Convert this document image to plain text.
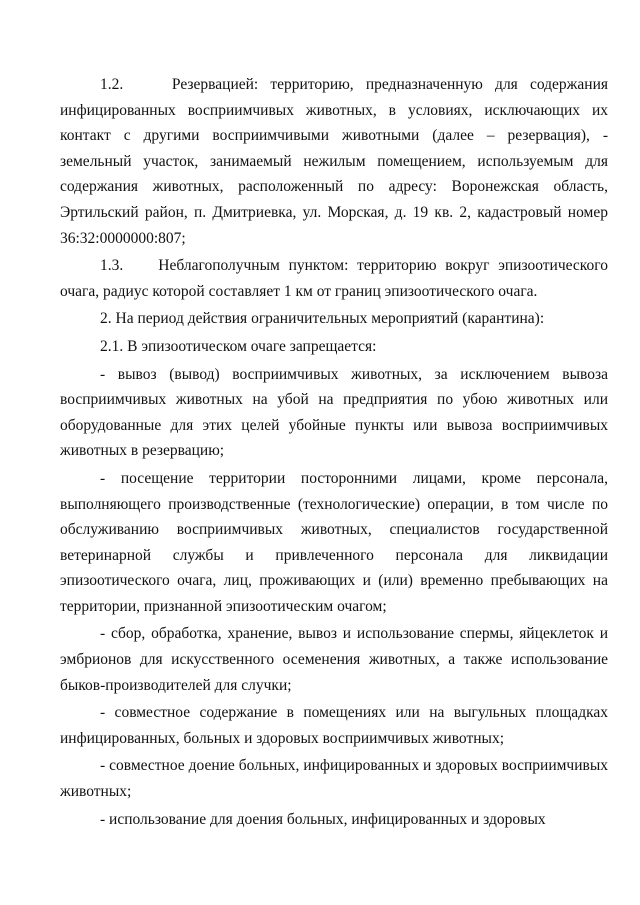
1.2.    Резервацией: территорию, предназначенную для содержания инфицированных восприимчивых животных, в условиях, исключающих их контакт с другими восприимчивыми животными (далее – резервация), - земельный участок, занимаемый нежилым помещением, используемым для содержания животных, расположенный по адресу: Воронежская область, Эртильский район, п. Дмитриевка, ул. Морская, д. 19 кв. 2, кадастровый номер 36:32:0000000:807;

1.3.    Неблагополучным пунктом: территорию вокруг эпизоотического очага, радиус которой составляет 1 км от границ эпизоотического очага.

2. На период действия ограничительных мероприятий (карантина):

2.1. В эпизоотическом очаге запрещается:

- вывоз (вывод) восприимчивых животных, за исключением вывоза восприимчивых животных на убой на предприятия по убою животных или оборудованные для этих целей убойные пункты или вывоза восприимчивых животных в резервацию;

- посещение территории посторонними лицами, кроме персонала, выполняющего производственные (технологические) операции, в том числе по обслуживанию восприимчивых животных, специалистов государственной ветеринарной службы и привлеченного персонала для ликвидации эпизоотического очага, лиц, проживающих и (или) временно пребывающих на территории, признанной эпизоотическим очагом;

- сбор, обработка, хранение, вывоз и использование спермы, яйцеклеток и эмбрионов для искусственного осеменения животных, а также использование быков-производителей для случки;

- совместное содержание в помещениях или на выгульных площадках инфицированных, больных и здоровых восприимчивых животных;

- совместное доение больных, инфицированных и здоровых восприимчивых животных;

- использование для доения больных, инфицированных и здоровых
